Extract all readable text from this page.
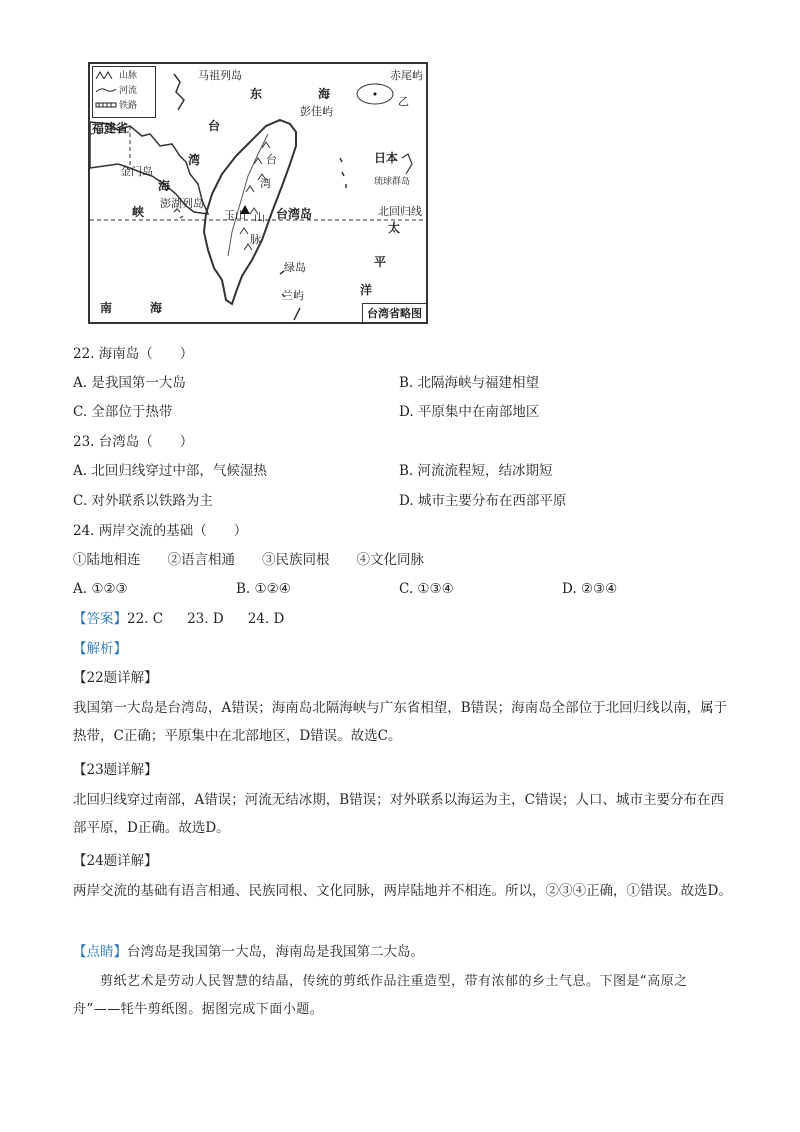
山脉
河流
铁路
马祖列岛	赤尾屿
东	海
彭佳屿
乙
福建省	台
湾
海
峡
金门岛
澎湖列岛
日本
琉球群岛
玉山	台湾岛	北回归线
太
平
洋
绿岛
兰屿
南	海
台
湾
山
脉
台湾省略图
22. 海南岛（　　）
A. 是我国第一大岛	B. 北隔海峡与福建相望
C. 全部位于热带	D. 平原集中在南部地区
23. 台湾岛（　　）
A. 北回归线穿过中部，气候湿热	B. 河流流程短，结冰期短
C. 对外联系以铁路为主	D. 城市主要分布在西部平原
24. 两岸交流的基础（　　）
①陆地相连　　②语言相通　　③民族同根　　④文化同脉
A. ①②③	B. ①②④	C. ①③④	D. ②③④
【答案】22. C 23. D 24. D
【解析】
【22题详解】
我国第一大岛是台湾岛，A错误；海南岛北隔海峡与广东省相望，B错误；海南岛全部位于北回归线以南，属于热带，C正确；平原集中在北部地区，D错误。故选C。
【23题详解】
北回归线穿过南部，A错误；河流无结冰期，B错误；对外联系以海运为主，C错误；人口、城市主要分布在西部平原，D正确。故选D。
【24题详解】
两岸交流的基础有语言相通、民族同根、文化同脉，两岸陆地并不相连。所以，②③④正确，①错误。故选D。
【点睛】台湾岛是我国第一大岛，海南岛是我国第二大岛。
剪纸艺术是劳动人民智慧的结晶，传统的剪纸作品注重造型，带有浓郁的乡土气息。下图是“高原之舟”——牦牛剪纸图。据图完成下面小题。
